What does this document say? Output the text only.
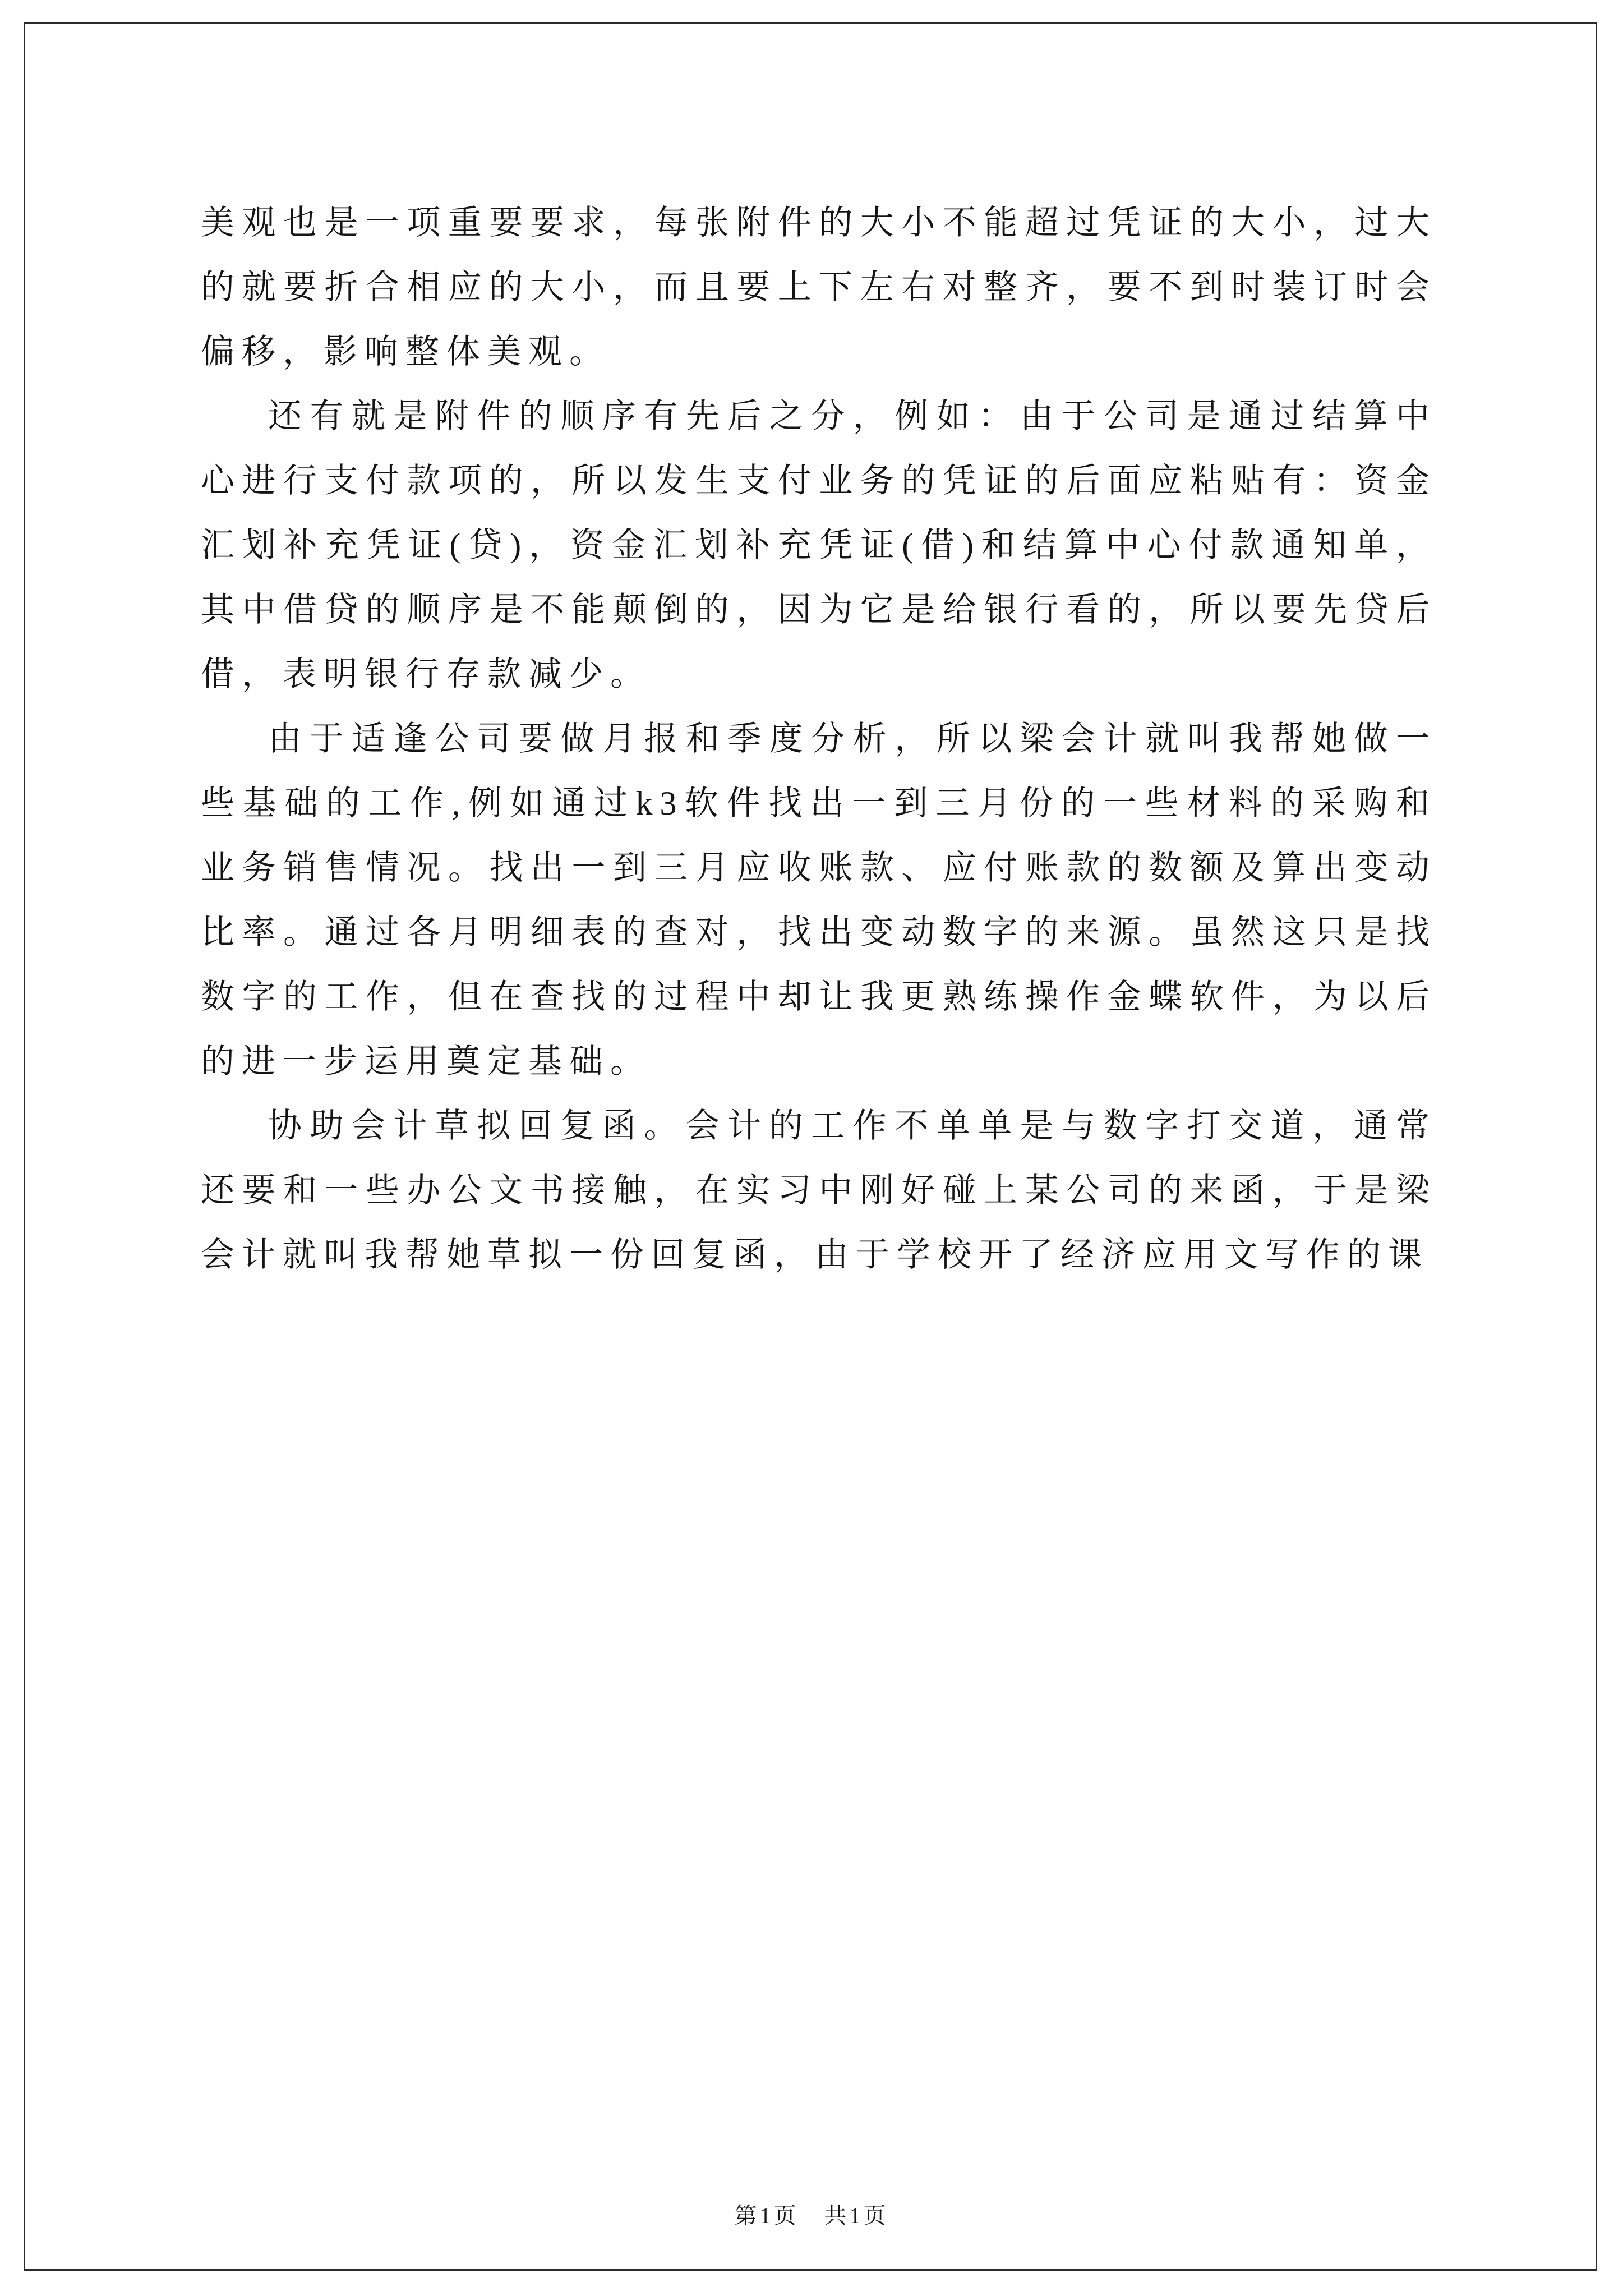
美观也是一项重要要求，每张附件的大小不能超过凭证的大小，过大的就要折合相应的大小，而且要上下左右对整齐，要不到时装订时会偏移，影响整体美观。

还有就是附件的顺序有先后之分，例如：由于公司是通过结算中心进行支付款项的，所以发生支付业务的凭证的后面应粘贴有：资金汇划补充凭证(贷)，资金汇划补充凭证(借)和结算中心付款通知单，其中借贷的顺序是不能颠倒的，因为它是给银行看的，所以要先贷后借，表明银行存款减少。

由于适逢公司要做月报和季度分析，所以梁会计就叫我帮她做一些基础的工作,例如通过k3软件找出一到三月份的一些材料的采购和业务销售情况。找出一到三月应收账款、应付账款的数额及算出变动比率。通过各月明细表的查对，找出变动数字的来源。虽然这只是找数字的工作，但在查找的过程中却让我更熟练操作金蝶软件，为以后的进一步运用奠定基础。

协助会计草拟回复函。会计的工作不单单是与数字打交道，通常还要和一些办公文书接触，在实习中刚好碰上某公司的来函，于是梁会计就叫我帮她草拟一份回复函，由于学校开了经济应用文写作的课

第1页　共1页
